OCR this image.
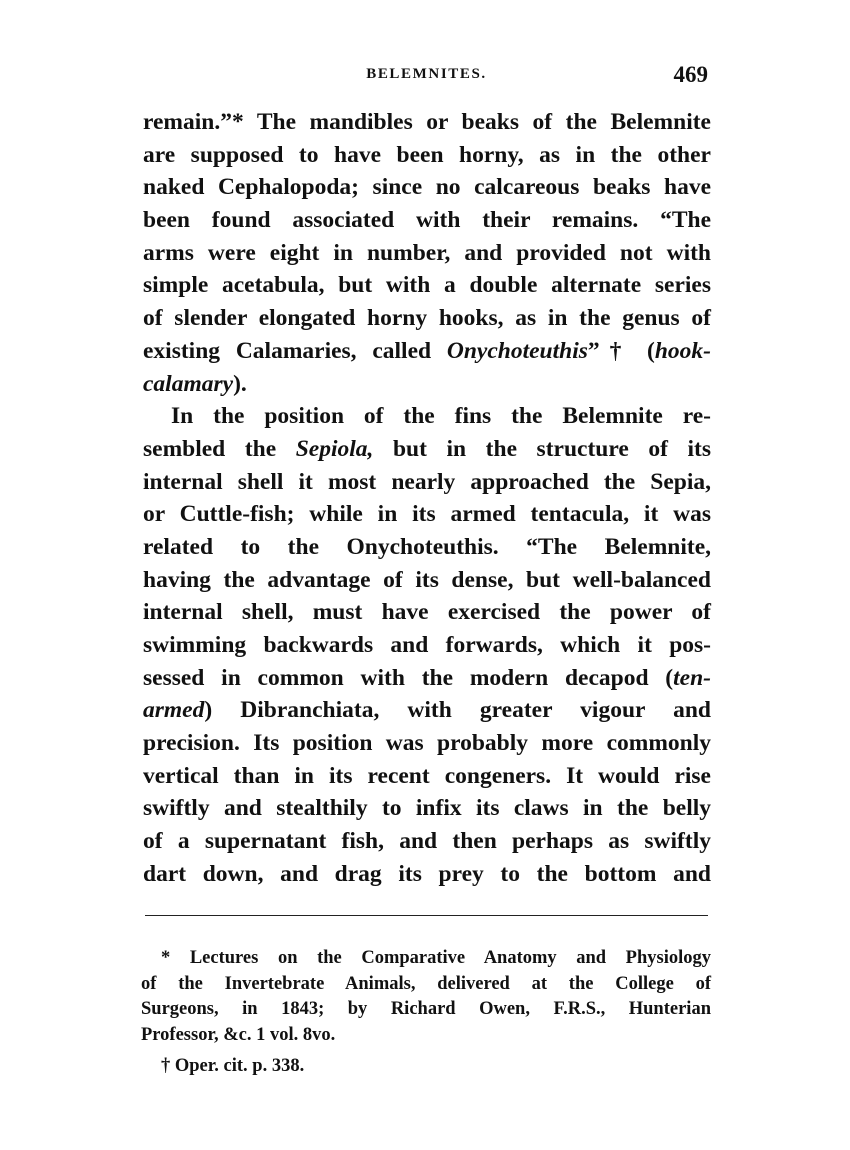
BELEMNITES.	469
remain.”* The mandibles or beaks of the Belemnite
are supposed to have been horny, as in the other
naked Cephalopoda; since no calcareous beaks have
been found associated with their remains. “The
arms were eight in number, and provided not with
simple acetabula, but with a double alternate series
of slender elongated horny hooks, as in the genus of
existing Calamaries, called Onychoteuthis”† (hook-
calamary).
In the position of the fins the Belemnite re-
sembled the Sepiola, but in the structure of its
internal shell it most nearly approached the Sepia,
or Cuttle-fish; while in its armed tentacula, it was
related to the Onychoteuthis. “The Belemnite,
having the advantage of its dense, but well-balanced
internal shell, must have exercised the power of
swimming backwards and forwards, which it pos-
sessed in common with the modern decapod (ten-
armed) Dibranchiata, with greater vigour and
precision. Its position was probably more commonly
vertical than in its recent congeners. It would rise
swiftly and stealthily to infix its claws in the belly
of a supernatant fish, and then perhaps as swiftly
dart down, and drag its prey to the bottom and
* Lectures on the Comparative Anatomy and Physiology
of the Invertebrate Animals, delivered at the College of
Surgeons, in 1843; by Richard Owen, F.R.S., Hunterian
Professor, &c. 1 vol. 8vo.
† Oper. cit. p. 338.
